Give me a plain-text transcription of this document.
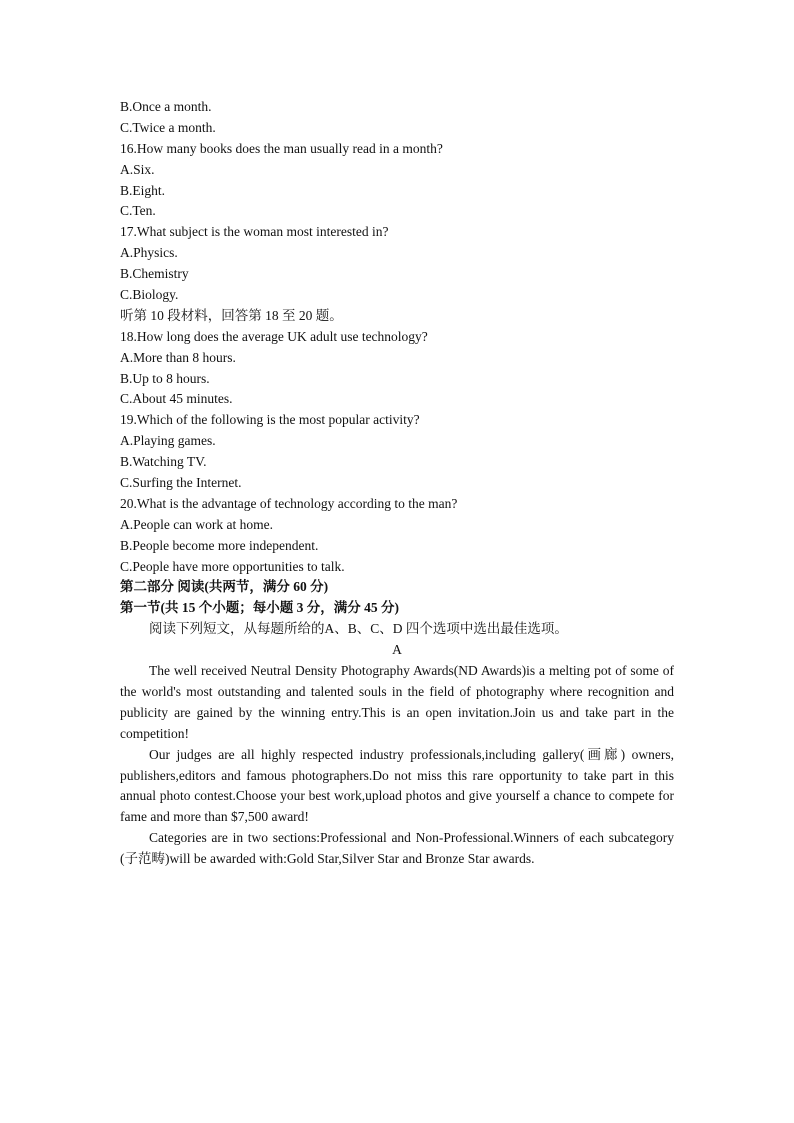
B.Once a month.
C.Twice a month.
16.How many books does the man usually read in a month?
A.Six.
B.Eight.
C.Ten.
17.What subject is the woman most interested in?
A.Physics.
B.Chemistry
C.Biology.
听第 10 段材料，回答第 18 至 20 题。
18.How long does the average UK adult use technology?
A.More than 8 hours.
B.Up to 8 hours.
C.About 45 minutes.
19.Which of the following is the most popular activity?
A.Playing games.
B.Watching TV.
C.Surfing the Internet.
20.What is the advantage of technology according to the man?
A.People can work at home.
B.People become more independent.
C.People have more opportunities to talk.
第二部分 阅读(共两节，满分 60 分)
第一节(共 15 个小题；每小题 3 分，满分 45 分)
阅读下列短文，从每题所给的A、B、C、D 四个选项中选出最佳选项。
A
The well received Neutral Density Photography Awards(ND Awards)is a melting pot of some of the world's most outstanding and talented souls in the field of photography where recognition and publicity are gained by the winning entry.This is an open invitation.Join us and take part in the competition!
Our judges are all highly respected industry professionals,including gallery(画廊) owners, publishers,editors and famous photographers.Do not miss this rare opportunity to take part in this annual photo contest.Choose your best work,upload photos and give yourself a chance to compete for fame and more than $7,500 award!
Categories are in two sections:Professional and Non-Professional.Winners of each subcategory (子范畴)will be awarded with:Gold Star,Silver Star and Bronze Star awards.
